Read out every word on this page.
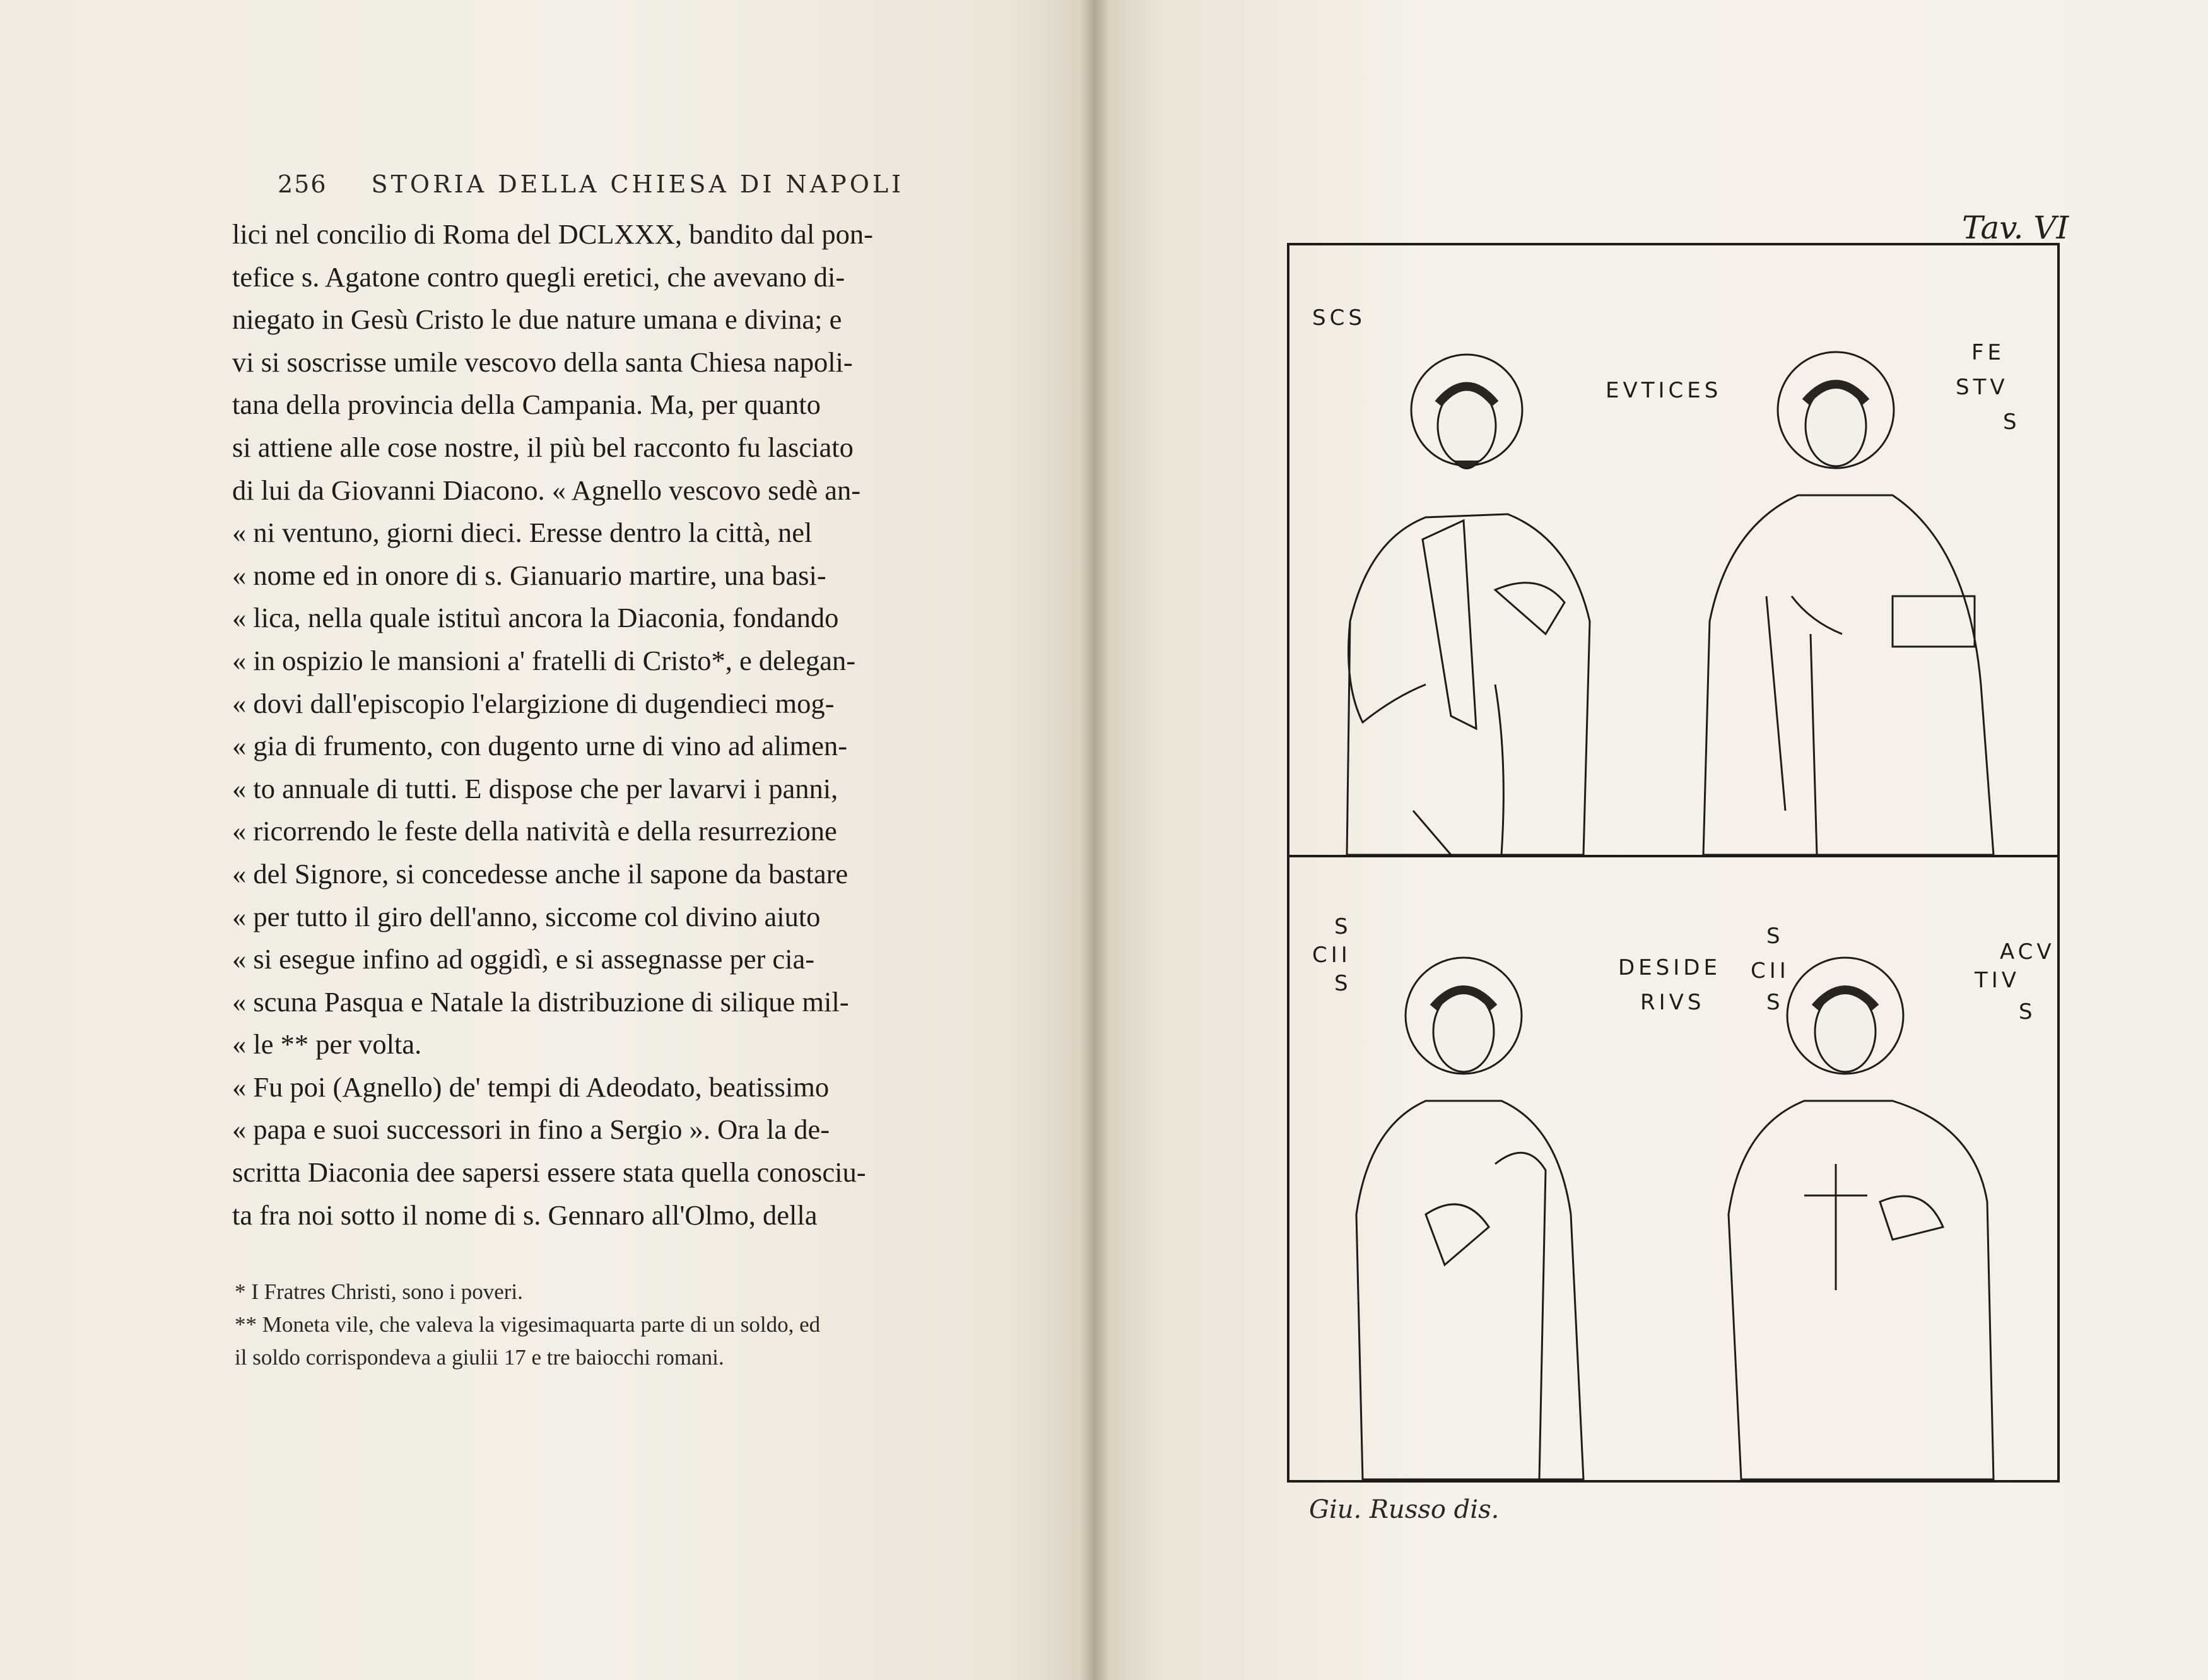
256 STORIA DELLA CHIESA DI NAPOLI
lici nel concilio di Roma del DCLXXX, bandito dal pon-
tefice s. Agatone contro quegli eretici, che avevano di-
niegato in Gesù Cristo le due nature umana e divina; e
vi si soscrisse umile vescovo della santa Chiesa napoli-
tana della provincia della Campania. Ma, per quanto
si attiene alle cose nostre, il più bel racconto fu lasciato
di lui da Giovanni Diacono. « Agnello vescovo sedè an-
« ni ventuno, giorni dieci. Eresse dentro la città, nel
« nome ed in onore di s. Gianuario martire, una basi-
« lica, nella quale istituì ancora la Diaconia, fondando
« in ospizio le mansioni a' fratelli di Cristo*, e delegan-
« dovi dall'episcopio l'elargizione di dugendieci mog-
« gia di frumento, con dugento urne di vino ad alimen-
« to annuale di tutti. E dispose che per lavarvi i panni,
« ricorrendo le feste della natività e della resurrezione
« del Signore, si concedesse anche il sapone da bastare
« per tutto il giro dell'anno, siccome col divino aiuto
« si esegue infino ad oggidì, e si assegnasse per cia-
« scuna Pasqua e Natale la distribuzione di silique mil-
« le ** per volta.
« Fu poi (Agnello) de' tempi di Adeodato, beatissimo
« papa e suoi successori in fino a Sergio ». Ora la de-
scritta Diaconia dee sapersi essere stata quella conosciu-
ta fra noi sotto il nome di s. Gennaro all'Olmo, della
* I Fratres Christi, sono i poveri.
** Moneta vile, che valeva la vigesimaquarta parte di un soldo, ed
il soldo corrispondeva a giulii 17 e tre baiocchi romani.
Tav. VI
SCS
EVTICES
FE
STV
S
S
CII
S
DESIDE
RIVS
S
CII
S
ACV
TIV
S
Giu. Russo dis.
